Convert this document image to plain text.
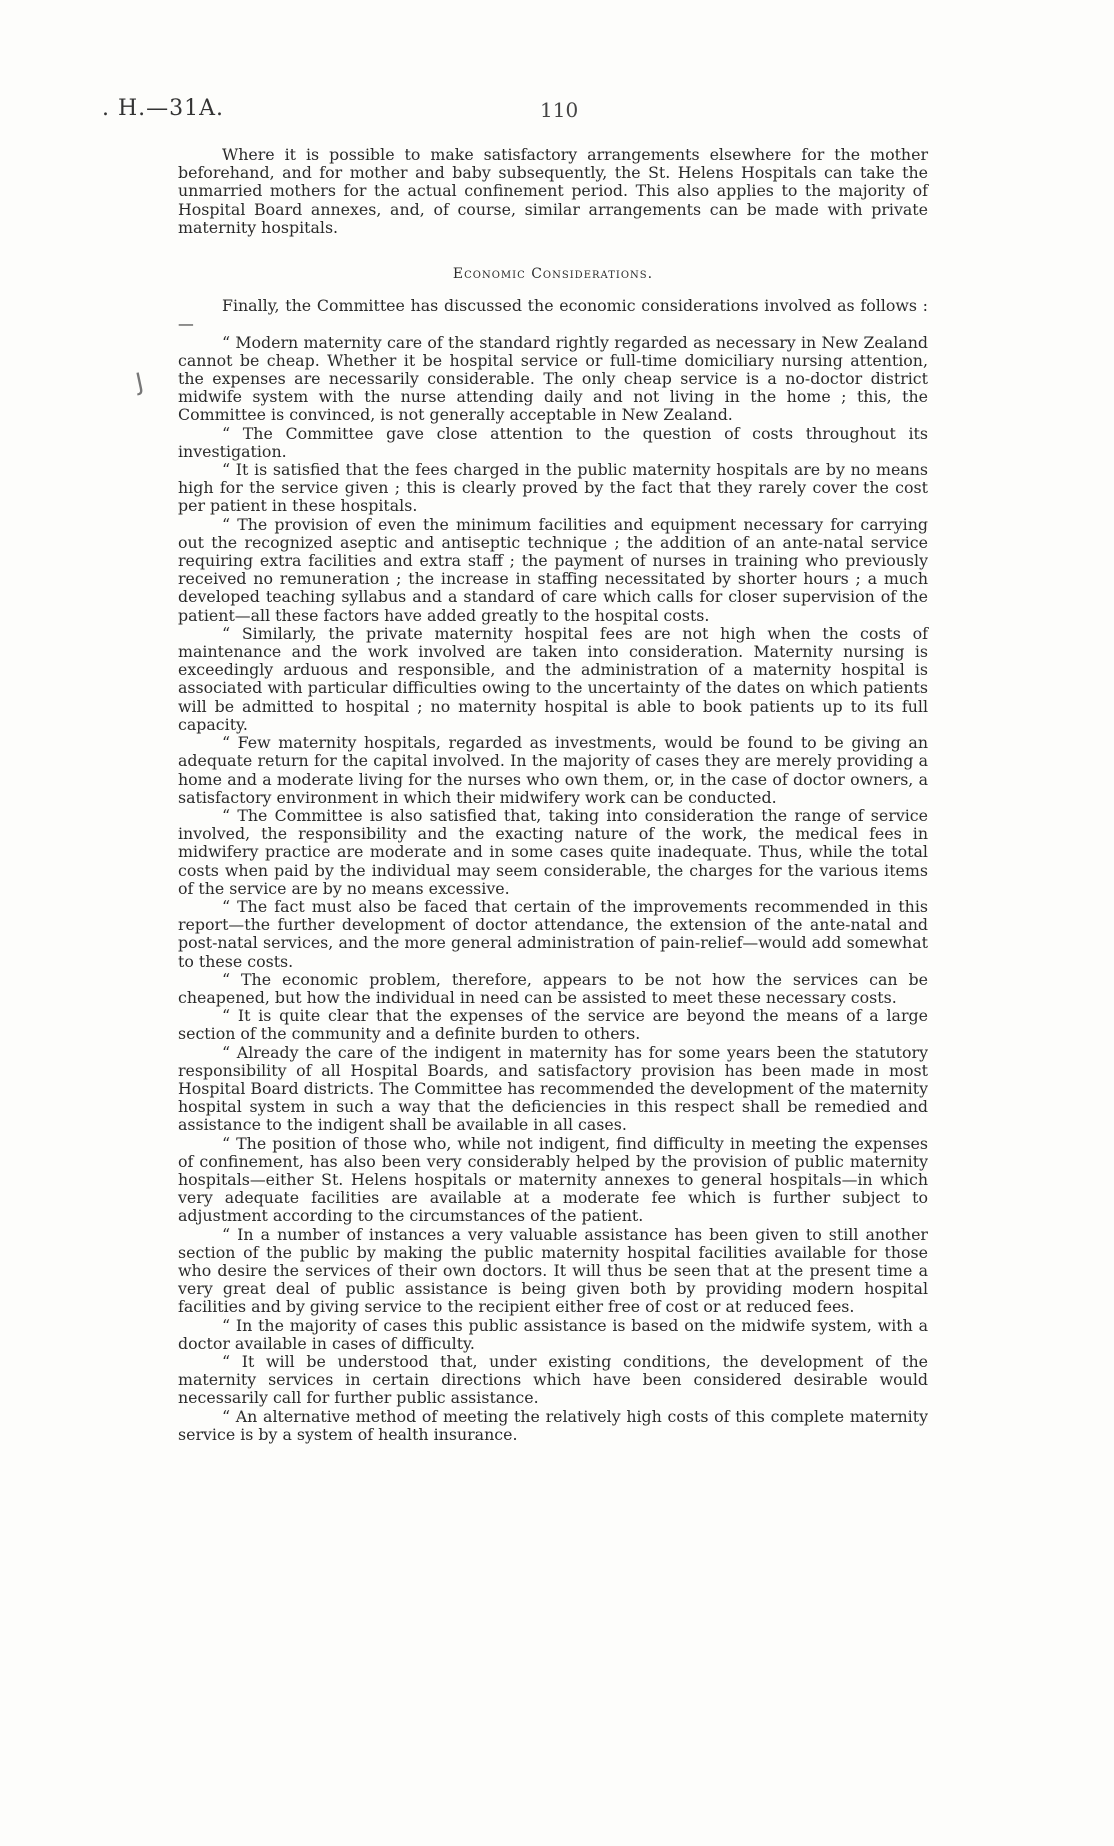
. H.—31A.	110
J

Where it is possible to make satisfactory arrangements elsewhere for the mother beforehand, and for mother and baby subsequently, the St. Helens Hospitals can take the unmarried mothers for the actual confinement period. This also applies to the majority of Hospital Board annexes, and, of course, similar arrangements can be made with private maternity hospitals.

Economic Considerations.

Finally, the Committee has discussed the economic considerations involved as follows :—

“ Modern maternity care of the standard rightly regarded as necessary in New Zealand cannot be cheap. Whether it be hospital service or full-time domiciliary nursing attention, the expenses are necessarily considerable. The only cheap service is a no-doctor district midwife system with the nurse attending daily and not living in the home ; this, the Committee is convinced, is not generally acceptable in New Zealand.

“ The Committee gave close attention to the question of costs throughout its investigation.

“ It is satisfied that the fees charged in the public maternity hospitals are by no means high for the service given ; this is clearly proved by the fact that they rarely cover the cost per patient in these hospitals.

“ The provision of even the minimum facilities and equipment necessary for carrying out the recognized aseptic and antiseptic technique ; the addition of an ante-natal service requiring extra facilities and extra staff ; the payment of nurses in training who previously received no remuneration ; the increase in staffing necessitated by shorter hours ; a much developed teaching syllabus and a standard of care which calls for closer supervision of the patient—all these factors have added greatly to the hospital costs.

“ Similarly, the private maternity hospital fees are not high when the costs of maintenance and the work involved are taken into consideration. Maternity nursing is exceedingly arduous and responsible, and the administration of a maternity hospital is associated with particular difficulties owing to the uncertainty of the dates on which patients will be admitted to hospital ; no maternity hospital is able to book patients up to its full capacity.

“ Few maternity hospitals, regarded as investments, would be found to be giving an adequate return for the capital involved. In the majority of cases they are merely providing a home and a moderate living for the nurses who own them, or, in the case of doctor owners, a satisfactory environment in which their midwifery work can be conducted.

“ The Committee is also satisfied that, taking into consideration the range of service involved, the responsibility and the exacting nature of the work, the medical fees in midwifery practice are moderate and in some cases quite inadequate. Thus, while the total costs when paid by the individual may seem considerable, the charges for the various items of the service are by no means excessive.

“ The fact must also be faced that certain of the improvements recommended in this report—the further development of doctor attendance, the extension of the ante-natal and post-natal services, and the more general administration of pain-relief—would add somewhat to these costs.

“ The economic problem, therefore, appears to be not how the services can be cheapened, but how the individual in need can be assisted to meet these necessary costs.

“ It is quite clear that the expenses of the service are beyond the means of a large section of the community and a definite burden to others.

“ Already the care of the indigent in maternity has for some years been the statutory responsibility of all Hospital Boards, and satisfactory provision has been made in most Hospital Board districts. The Committee has recommended the development of the maternity hospital system in such a way that the deficiencies in this respect shall be remedied and assistance to the indigent shall be available in all cases.

“ The position of those who, while not indigent, find difficulty in meeting the expenses of confinement, has also been very considerably helped by the provision of public maternity hospitals—either St. Helens hospitals or maternity annexes to general hospitals—in which very adequate facilities are available at a moderate fee which is further subject to adjustment according to the circumstances of the patient.

“ In a number of instances a very valuable assistance has been given to still another section of the public by making the public maternity hospital facilities available for those who desire the services of their own doctors. It will thus be seen that at the present time a very great deal of public assistance is being given both by providing modern hospital facilities and by giving service to the recipient either free of cost or at reduced fees.

“ In the majority of cases this public assistance is based on the midwife system, with a doctor available in cases of difficulty.

“ It will be understood that, under existing conditions, the development of the maternity services in certain directions which have been considered desirable would necessarily call for further public assistance.

“ An alternative method of meeting the relatively high costs of this complete maternity service is by a system of health insurance.
